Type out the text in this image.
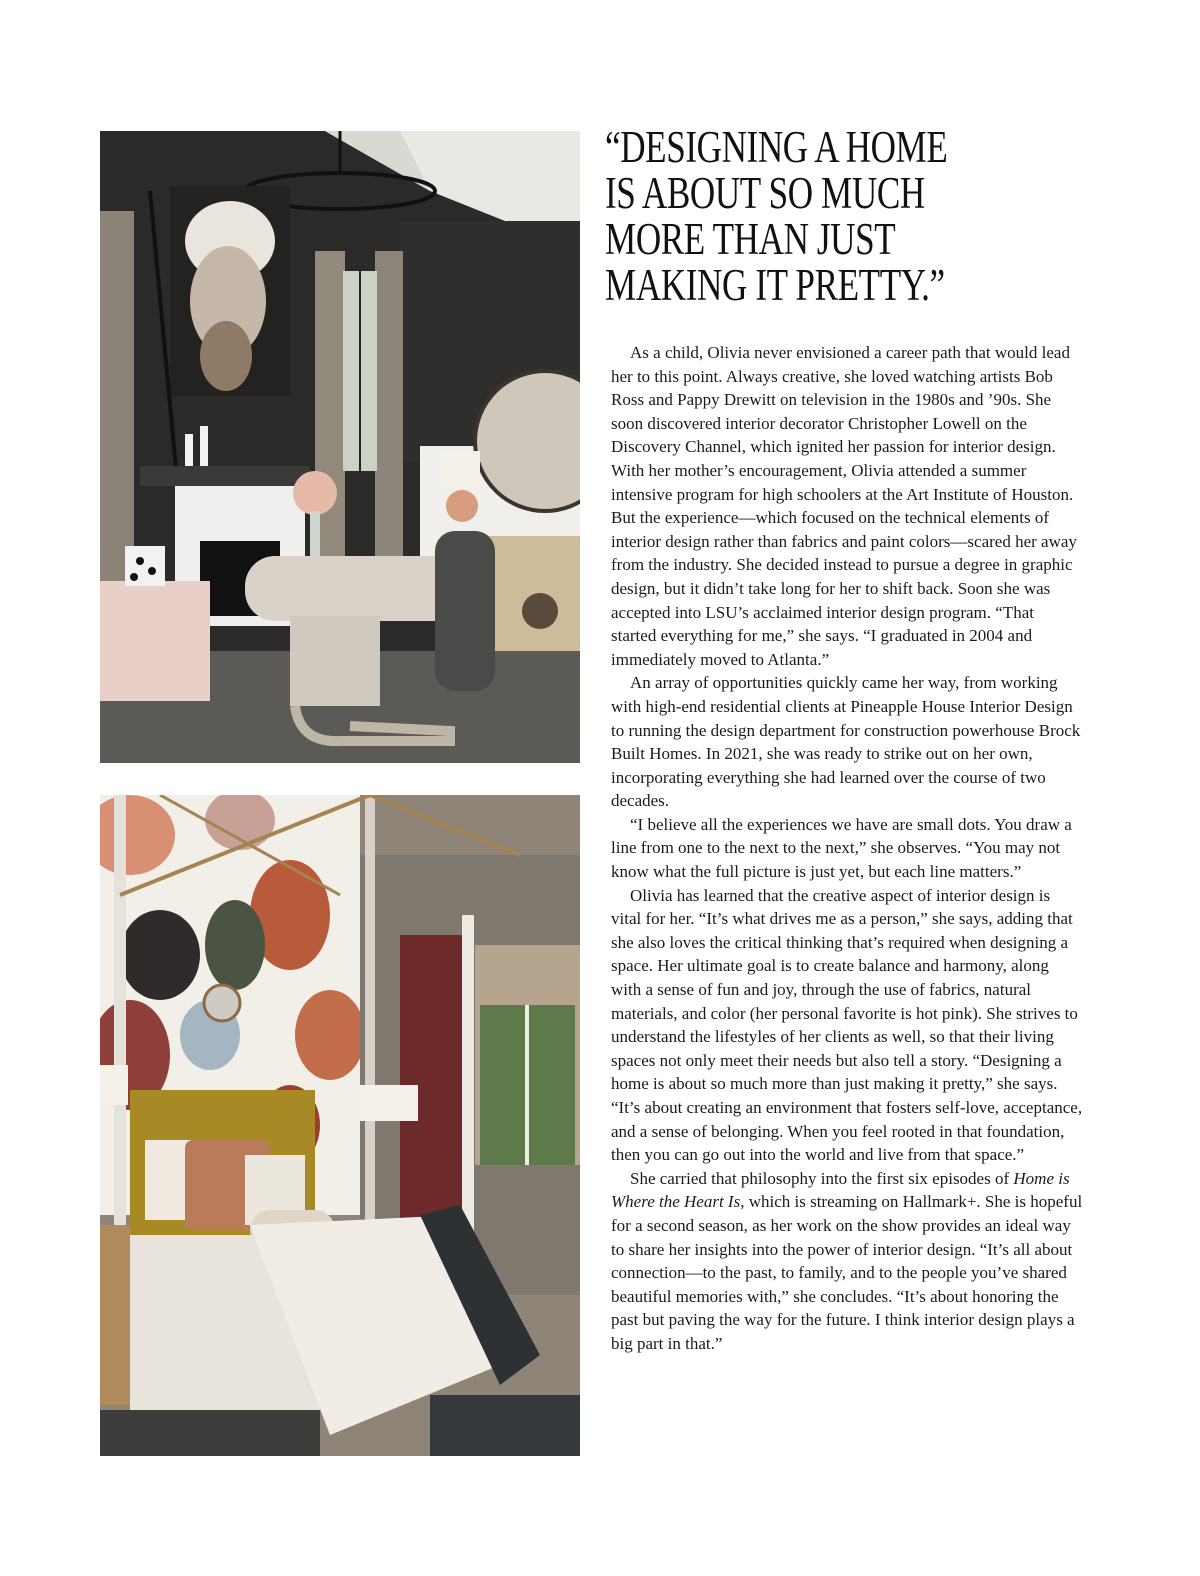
“DESIGNING A HOME
IS ABOUT SO MUCH
MORE THAN JUST
MAKING IT PRETTY.”

As a child, Olivia never envisioned a career path that would lead her to this point. Always creative, she loved watching artists Bob Ross and Pappy Drewitt on television in the 1980s and ’90s. She soon discovered interior decorator Christopher Lowell on the Discovery Channel, which ignited her passion for interior design. With her mother’s encouragement, Olivia attended a summer intensive program for high schoolers at the Art Institute of Houston. But the experience—which focused on the technical elements of interior design rather than fabrics and paint colors—scared her away from the industry. She decided instead to pursue a degree in graphic design, but it didn’t take long for her to shift back. Soon she was accepted into LSU’s acclaimed interior design program. “That started everything for me,” she says. “I graduated in 2004 and immediately moved to Atlanta.”

An array of opportunities quickly came her way, from working with high-end residential clients at Pineapple House Interior Design to running the design department for construction powerhouse Brock Built Homes. In 2021, she was ready to strike out on her own, incorporating everything she had learned over the course of two decades.

“I believe all the experiences we have are small dots. You draw a line from one to the next to the next,” she observes. “You may not know what the full picture is just yet, but each line matters.”

Olivia has learned that the creative aspect of interior design is vital for her. “It’s what drives me as a person,” she says, adding that she also loves the critical thinking that’s required when designing a space. Her ultimate goal is to create balance and harmony, along with a sense of fun and joy, through the use of fabrics, natural materials, and color (her personal favorite is hot pink). She strives to understand the lifestyles of her clients as well, so that their living spaces not only meet their needs but also tell a story. “Designing a home is about so much more than just making it pretty,” she says. “It’s about creating an environment that fosters self-love, acceptance, and a sense of belonging. When you feel rooted in that foundation, then you can go out into the world and live from that space.”

She carried that philosophy into the first six episodes of Home is Where the Heart Is, which is streaming on Hallmark+. She is hopeful for a second season, as her work on the show provides an ideal way to share her insights into the power of interior design. “It’s all about connection—to the past, to family, and to the people you’ve shared beautiful memories with,” she concludes. “It’s about honoring the past but paving the way for the future. I think interior design plays a big part in that.”
